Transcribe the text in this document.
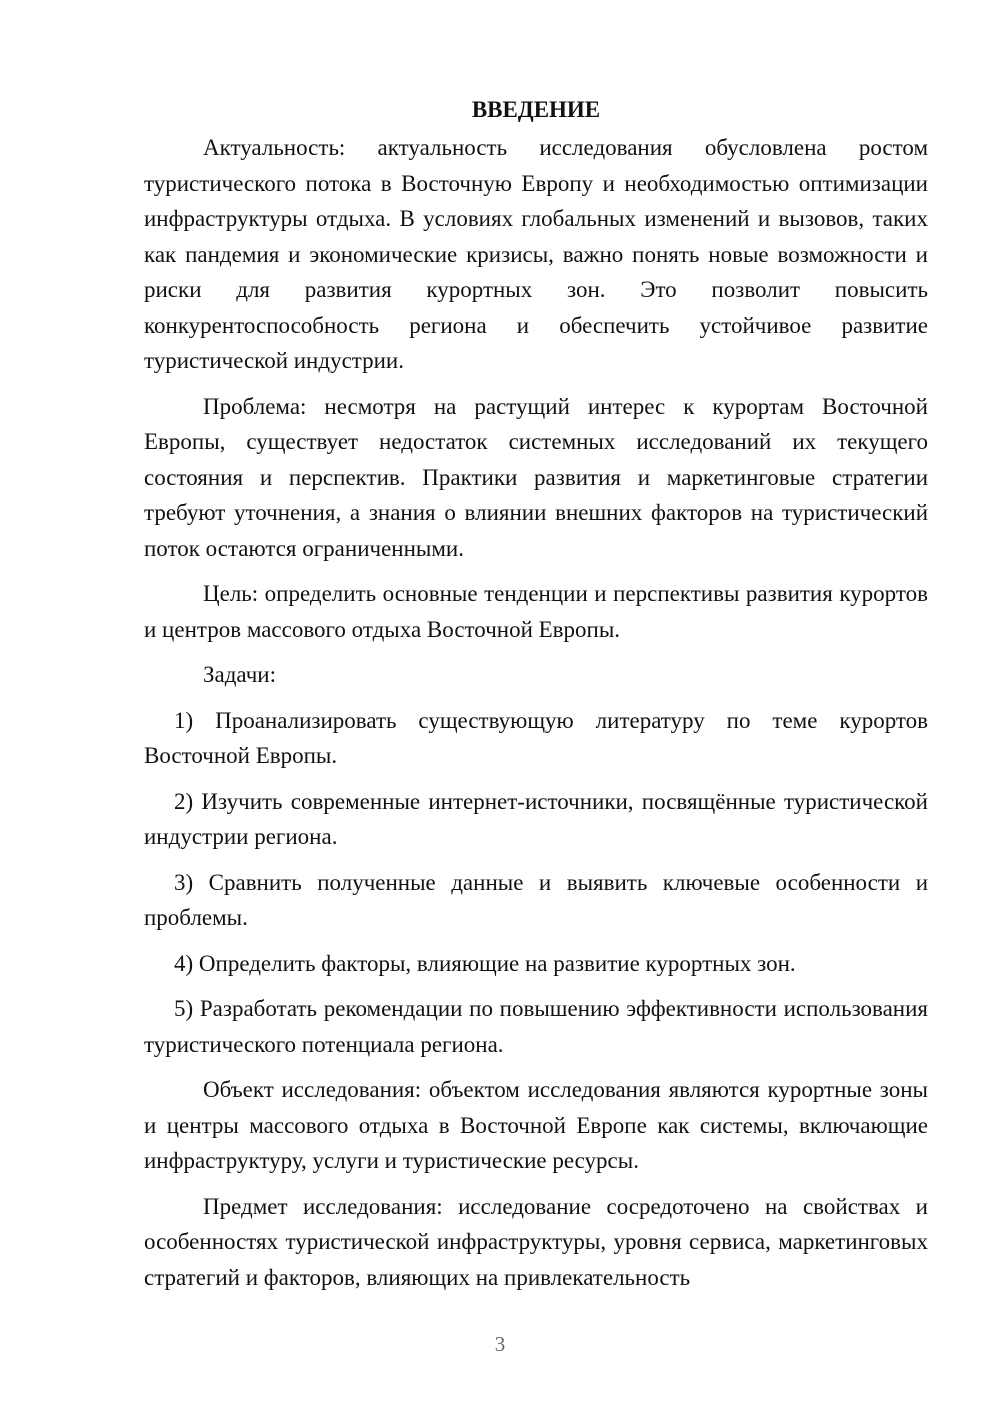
ВВЕДЕНИЕ

Актуальность: актуальность исследования обусловлена ростом туристического потока в Восточную Европу и необходимостью оптимизации инфраструктуры отдыха. В условиях глобальных изменений и вызовов, таких как пандемия и экономические кризисы, важно понять новые возможности и риски для развития курортных зон. Это позволит повысить конкурентоспособность региона и обеспечить устойчивое развитие туристической индустрии.

Проблема: несмотря на растущий интерес к курортам Восточной Европы, существует недостаток системных исследований их текущего состояния и перспектив. Практики развития и маркетинговые стратегии требуют уточнения, а знания о влиянии внешних факторов на туристический поток остаются ограниченными.

Цель: определить основные тенденции и перспективы развития курортов и центров массового отдыха Восточной Европы.

Задачи:

1) Проанализировать существующую литературу по теме курортов Восточной Европы.

2) Изучить современные интернет-источники, посвящённые туристической индустрии региона.

3) Сравнить полученные данные и выявить ключевые особенности и проблемы.

4) Определить факторы, влияющие на развитие курортных зон.

5) Разработать рекомендации по повышению эффективности использования туристического потенциала региона.

Объект исследования: объектом исследования являются курортные зоны и центры массового отдыха в Восточной Европе как системы, включающие инфраструктуру, услуги и туристические ресурсы.

Предмет исследования: исследование сосредоточено на свойствах и особенностях туристической инфраструктуры, уровня сервиса, маркетинговых стратегий и факторов, влияющих на привлекательность

3
